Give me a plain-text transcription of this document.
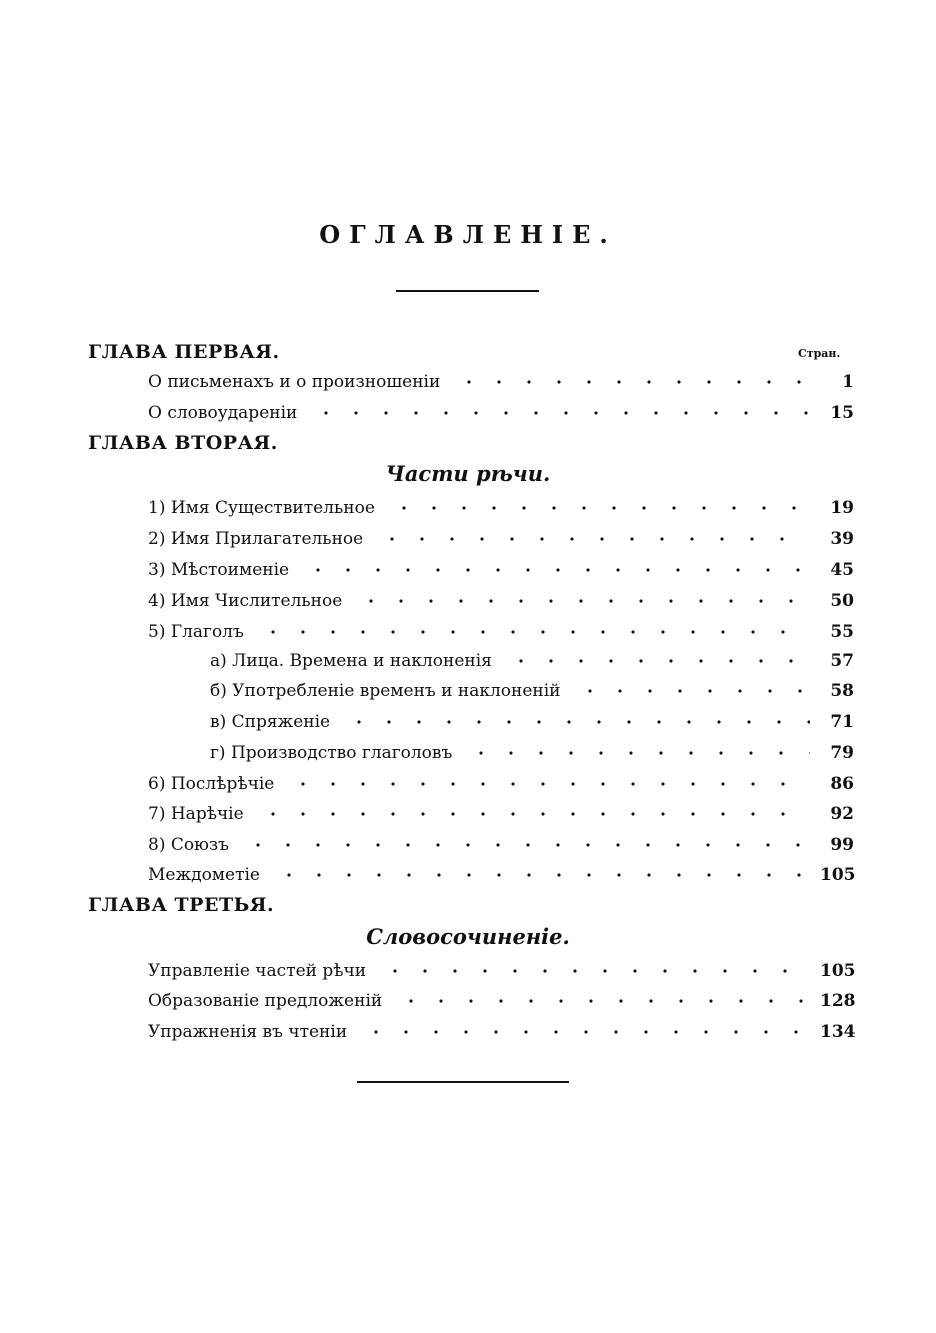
ОГЛАВЛЕНІЕ.
ГЛАВА ПЕРВАЯ.	Стран.
О письменахъ и о произношеніи	1
О словоудареніи	15
ГЛАВА ВТОРАЯ.
Части рѣчи.
1) Имя Существительное	19
2) Имя Прилагательное	39
3) Мѣстоименіе	45
4) Имя Числительное	50
5) Глаголъ	55
а) Лица. Времена и наклоненія	57
б) Употребленіе временъ и наклоненій	58
в) Спряженіе	71
г) Производство глаголовъ	79
6) Послѣрѣчіе	86
7) Нарѣчіе	92
8) Союзъ	99
Междометіе	105
ГЛАВА ТРЕТЬЯ.
Словосочиненіе.
Управленіе частей рѣчи	105
Образованіе предложеній	128
Упражненія въ чтеніи	134
